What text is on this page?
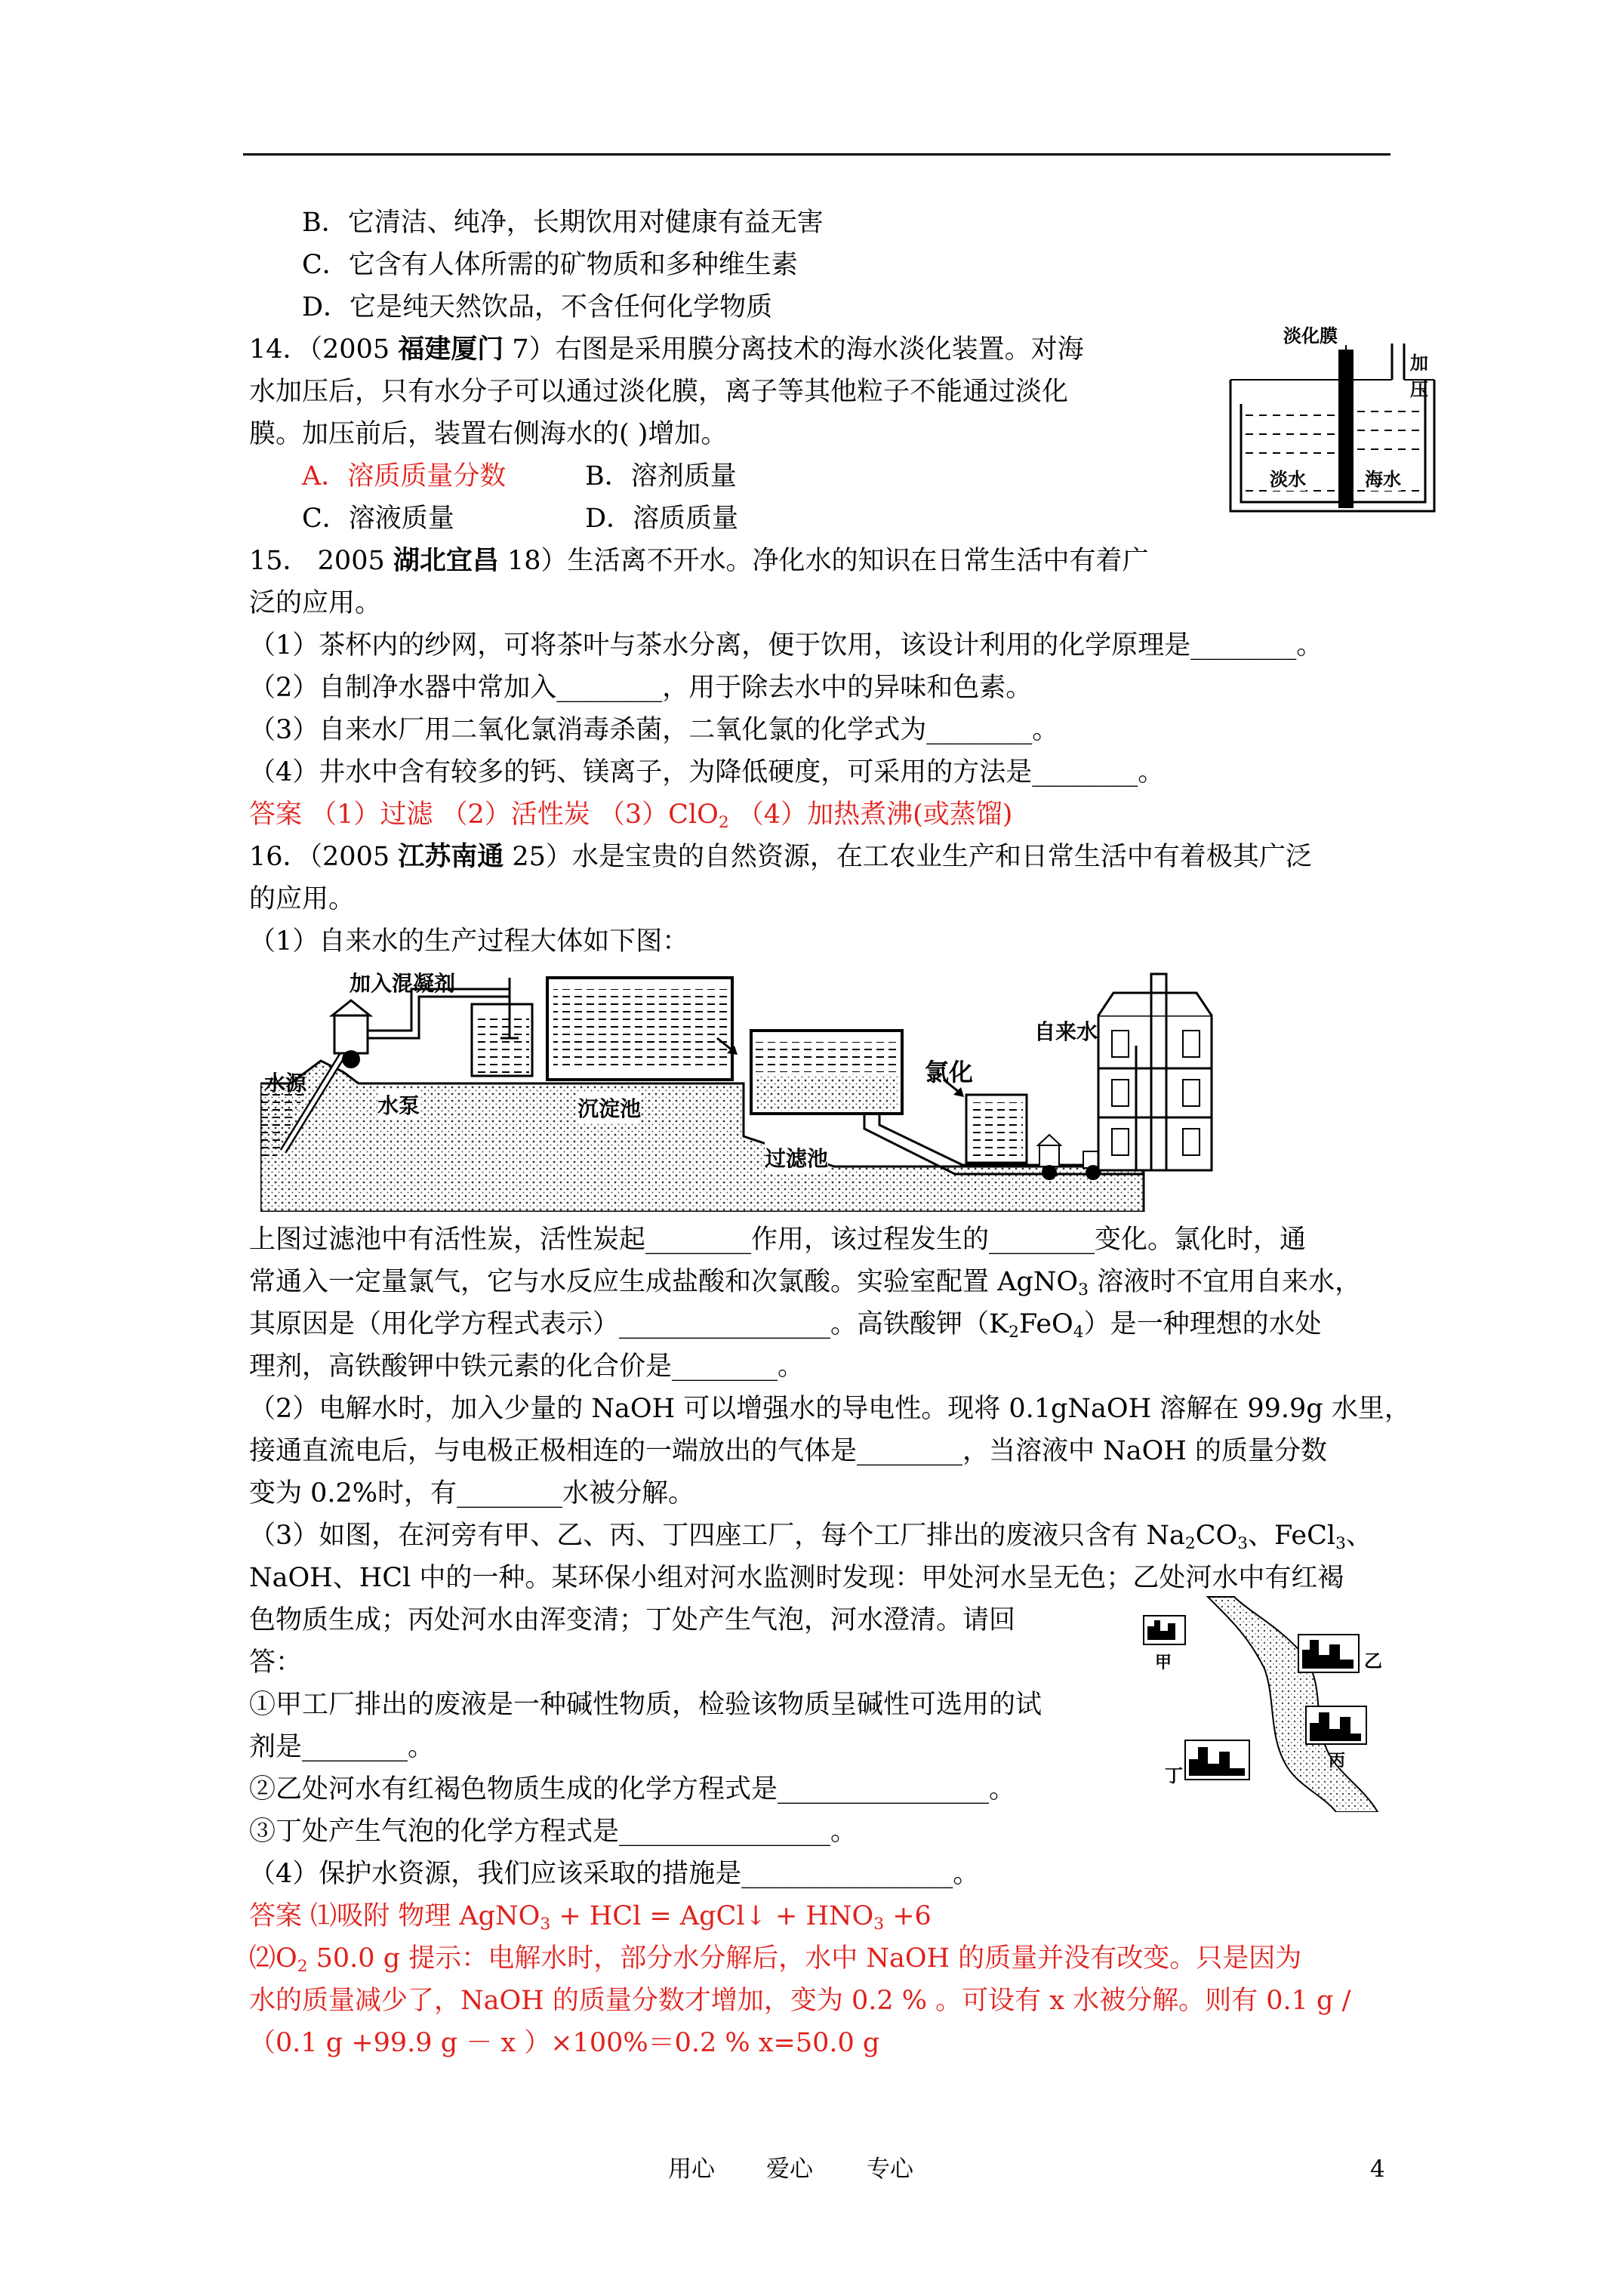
B．它清洁、纯净，长期饮用对健康有益无害
C．它含有人体所需的矿物质和多种维生素
D．它是纯天然饮品，不含任何化学物质
14．（2005 福建厦门 7）右图是采用膜分离技术的海水淡化装置。对海
水加压后，只有水分子可以通过淡化膜，离子等其他粒子不能通过淡化
膜。加压前后，装置右侧海水的( )增加。
A．溶质质量分数	B．溶剂质量
C．溶液质量	D．溶质质量
15． 2005 湖北宜昌 18）生活离不开水。净化水的知识在日常生活中有着广
泛的应用。
（1）茶杯内的纱网，可将茶叶与茶水分离，便于饮用，该设计利用的化学原理是________。
（2）自制净水器中常加入________，用于除去水中的异味和色素。
（3）自来水厂用二氧化氯消毒杀菌，二氧化氯的化学式为________。
（4）井水中含有较多的钙、镁离子，为降低硬度，可采用的方法是________。
答案 （1）过滤 （2）活性炭 （3）ClO$_2$ （4）加热煮沸(或蒸馏)
16．（2005 江苏南通 25）水是宝贵的自然资源，在工农业生产和日常生活中有着极其广泛
的应用。
（1）自来水的生产过程大体如下图：
上图过滤池中有活性炭，活性炭起________作用，该过程发生的________变化。氯化时，通
常通入一定量氯气，它与水反应生成盐酸和次氯酸。实验室配置 AgNO$_3$ 溶液时不宜用自来水，
其原因是（用化学方程式表示）________________。高铁酸钾$(K_2FeO_4)$是一种理想的水处
理剂，高铁酸钾中铁元素的化合价是________。
（2）电解水时，加入少量的 NaOH 可以增强水的导电性。现将 0.1gNaOH 溶解在 99.9g 水里，
接通直流电后，与电极正极相连的一端放出的气体是________，当溶液中 NaOH 的质量分数
变为 0.2%时，有________水被分解。
（3）如图，在河旁有甲、乙、丙、丁四座工厂，每个工厂排出的废液只含有 $Na_2CO_3$、FeCl$_3$、
NaOH、HCl 中的一种。某环保小组对河水监测时发现：甲处河水呈无色；乙处河水中有红褐
色物质生成；丙处河水由浑变清；丁处产生气泡，河水澄清。请回
答：
①甲工厂排出的废液是一种碱性物质，检验该物质呈碱性可选用的试
剂是________。
②乙处河水有红褐色物质生成的化学方程式是________________。
③丁处产生气泡的化学方程式是________________。
（4）保护水资源，我们应该采取的措施是________________。
答案 ⑴吸附 物理 AgNO$_3$ + HCl = AgCl↓ + $HNO_3 +6$
$⑵O_2$ 50.0 g 提示：电解水时，部分水分解后，水中 NaOH 的质量并没有改变。只是因为
水的质量减少了，NaOH 的质量分数才增加，变为 0.2 % 。可设有 x 水被分解。则有 0.1 g /
（0.1 g +99.9 g － x ）×100%＝0.2 % x=50.0 g
淡化膜
加压
淡水	海水
加入混凝剂
水源
水泵	沉淀池
过滤池
氯化
自来水
甲	乙
丙
丁
用心 爱心 专心	4
